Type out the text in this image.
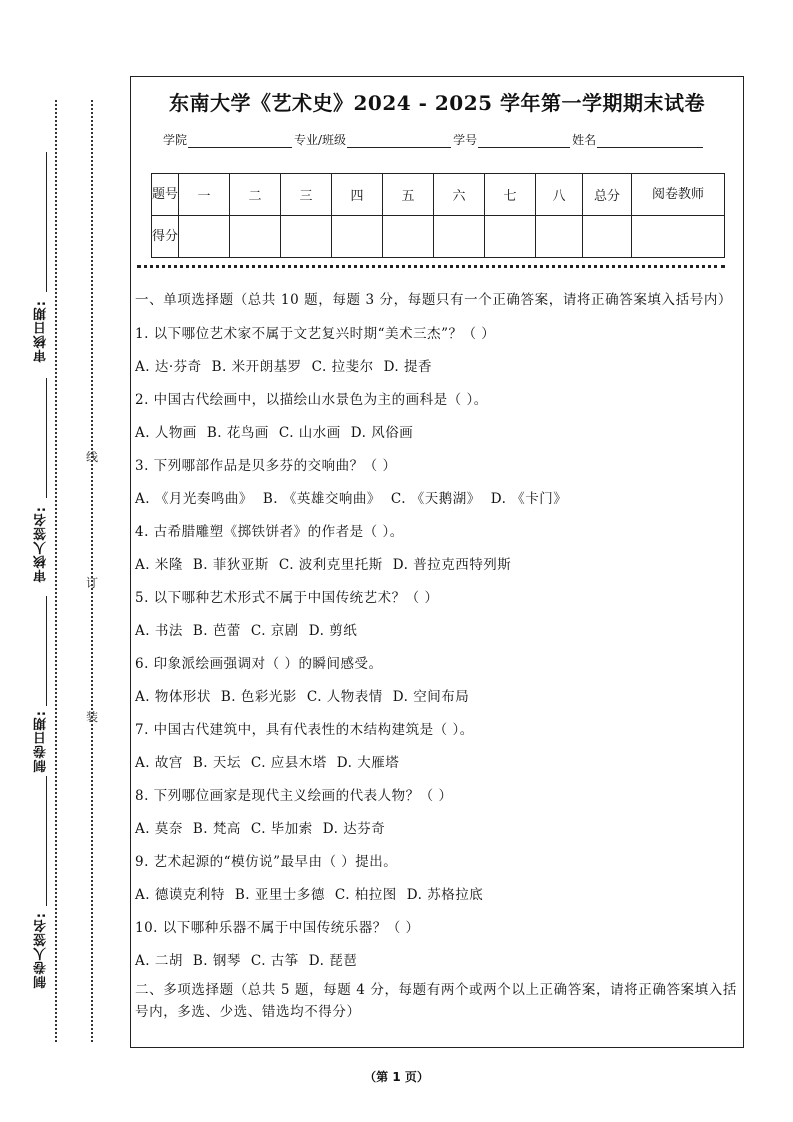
审核日期:
审核人签名:
制卷日期:
制卷人签名:
线
订
装
东南大学《艺术史》2024 - 2025 学年第一学期期末试卷
学院	专业/班级	学号	姓名
题号	一	二	三	四	五	六	七	八	总分	阅卷教师
得分										

一、单项选择题（总共 10 题，每题 3 分，每题只有一个正确答案，请将正确答案填入括号内）

1. 以下哪位艺术家不属于文艺复兴时期“美术三杰”？（ ）
A. 达·芬奇 B. 米开朗基罗 C. 拉斐尔 D. 提香
2. 中国古代绘画中，以描绘山水景色为主的画科是（ ）。
A. 人物画 B. 花鸟画 C. 山水画 D. 风俗画
3. 下列哪部作品是贝多芬的交响曲？（ ）
A. 《月光奏鸣曲》 B. 《英雄交响曲》 C. 《天鹅湖》 D. 《卡门》
4. 古希腊雕塑《掷铁饼者》的作者是（ ）。
A. 米隆 B. 菲狄亚斯 C. 波利克里托斯 D. 普拉克西特列斯
5. 以下哪种艺术形式不属于中国传统艺术？（ ）
A. 书法 B. 芭蕾 C. 京剧 D. 剪纸
6. 印象派绘画强调对（ ）的瞬间感受。
A. 物体形状 B. 色彩光影 C. 人物表情 D. 空间布局
7. 中国古代建筑中，具有代表性的木结构建筑是（ ）。
A. 故宫 B. 天坛 C. 应县木塔 D. 大雁塔
8. 下列哪位画家是现代主义绘画的代表人物？（ ）
A. 莫奈 B. 梵高 C. 毕加索 D. 达芬奇
9. 艺术起源的“模仿说”最早由（ ）提出。
A. 德谟克利特 B. 亚里士多德 C. 柏拉图 D. 苏格拉底
10. 以下哪种乐器不属于中国传统乐器？（ ）
A. 二胡 B. 钢琴 C. 古筝 D. 琵琶

二、多项选择题（总共 5 题，每题 4 分，每题有两个或两个以上正确答案，请将正确答案填入括号内，多选、少选、错选均不得分）

（第 1 页）
